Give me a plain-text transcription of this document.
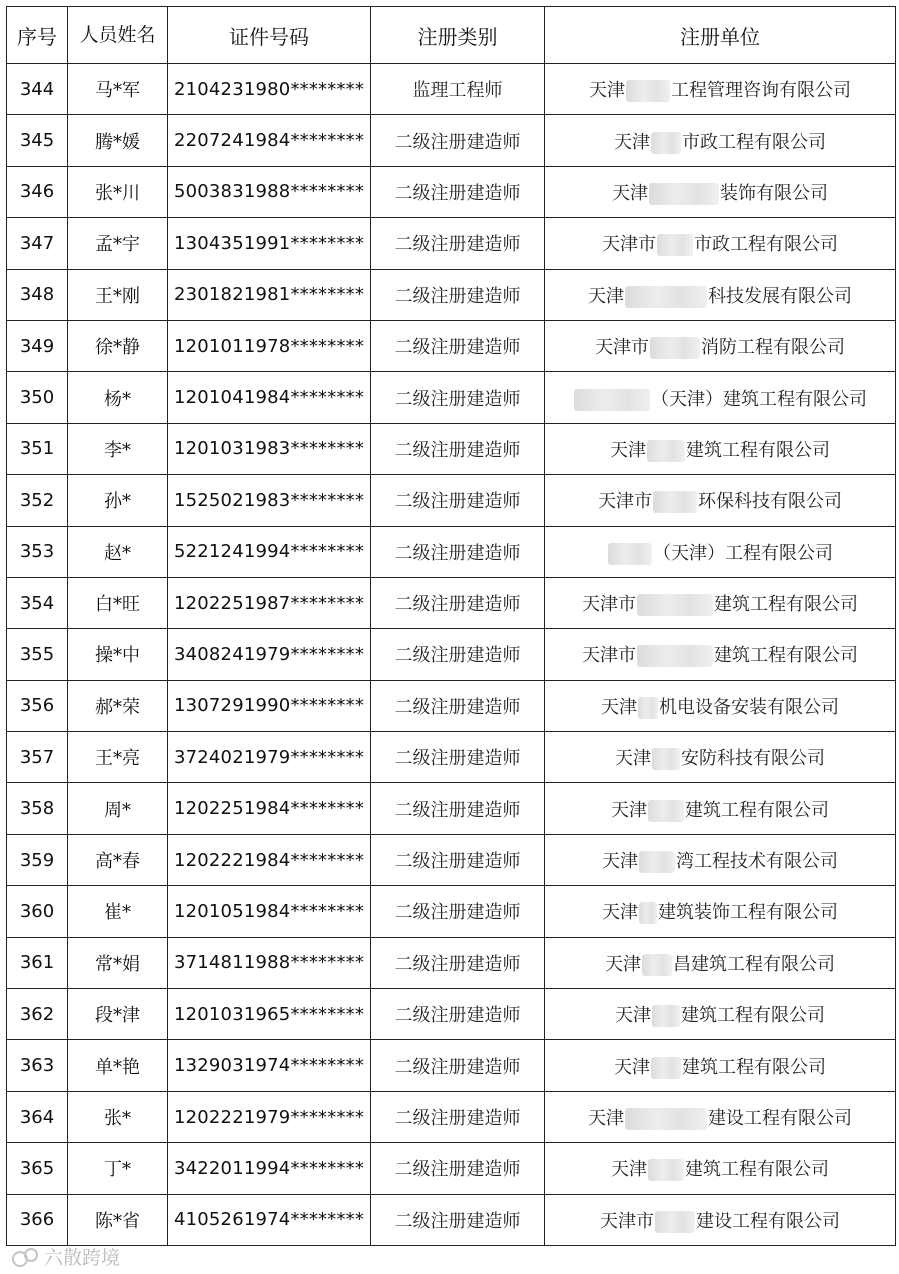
序号	人员姓名	证件号码	注册类别	注册单位
344	马*军	2104231980********	监理工程师	天津 工程管理咨询有限公司
345	腾*媛	2207241984********	二级注册建造师	天津 市政工程有限公司
346	张*川	5003831988********	二级注册建造师	天津 装饰有限公司
347	孟*宇	1304351991********	二级注册建造师	天津市 市政工程有限公司
348	王*刚	2301821981********	二级注册建造师	天津 科技发展有限公司
349	徐*静	1201011978********	二级注册建造师	天津市 消防工程有限公司
350	杨*	1201041984********	二级注册建造师	（天津）建筑工程有限公司
351	李*	1201031983********	二级注册建造师	天津 建筑工程有限公司
352	孙*	1525021983********	二级注册建造师	天津市 环保科技有限公司
353	赵*	5221241994********	二级注册建造师	（天津）工程有限公司
354	白*旺	1202251987********	二级注册建造师	天津市 建筑工程有限公司
355	操*中	3408241979********	二级注册建造师	天津市 建筑工程有限公司
356	郝*荣	1307291990********	二级注册建造师	天津 机电设备安装有限公司
357	王*亮	3724021979********	二级注册建造师	天津 安防科技有限公司
358	周*	1202251984********	二级注册建造师	天津 建筑工程有限公司
359	高*春	1202221984********	二级注册建造师	天津 湾工程技术有限公司
360	崔*	1201051984********	二级注册建造师	天津 建筑装饰工程有限公司
361	常*娟	3714811988********	二级注册建造师	天津 昌建筑工程有限公司
362	段*津	1201031965********	二级注册建造师	天津 建筑工程有限公司
363	单*艳	1329031974********	二级注册建造师	天津 建筑工程有限公司
364	张*	1202221979********	二级注册建造师	天津 建设工程有限公司
365	丁*	3422011994********	二级注册建造师	天津 建筑工程有限公司
366	陈*省	4105261974********	二级注册建造师	天津市 建设工程有限公司
六散跨境
